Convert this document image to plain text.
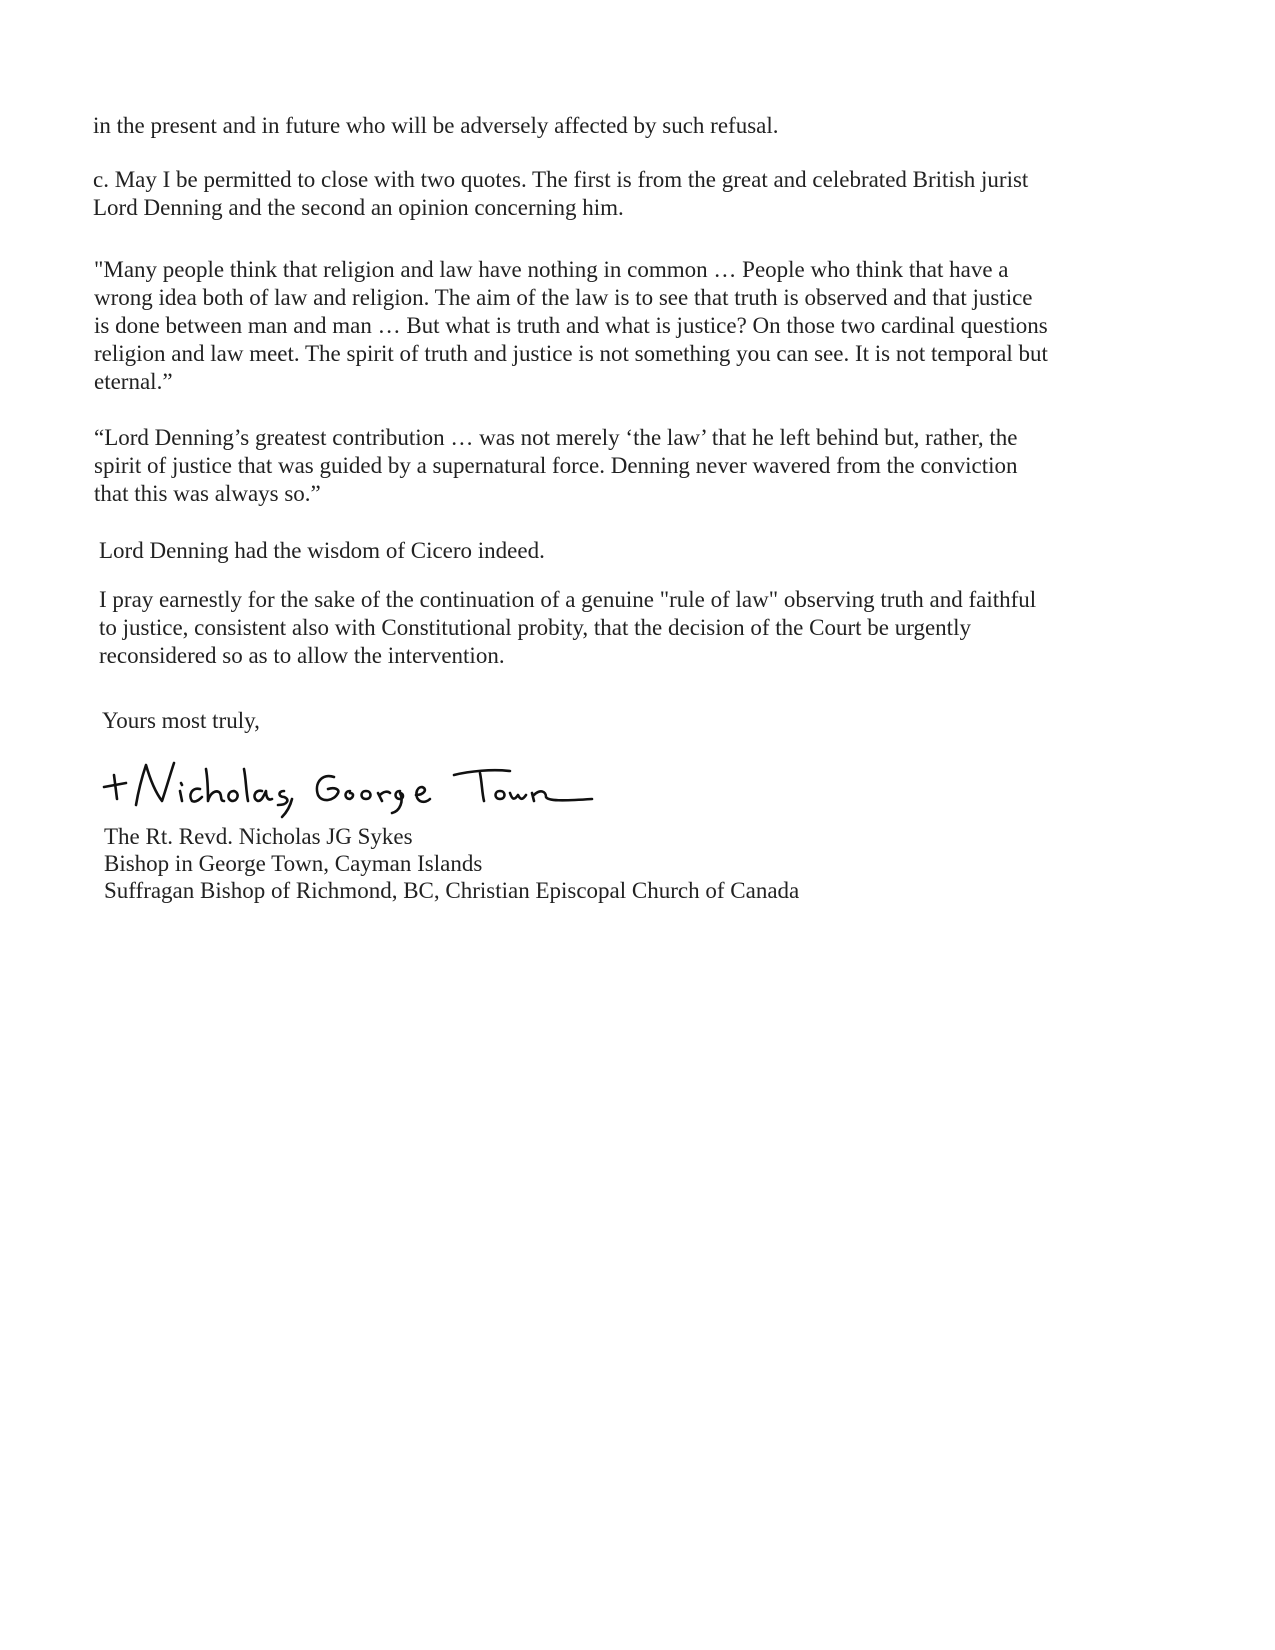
in the present and in future who will be adversely affected by such refusal.

c. May I be permitted to close with two quotes. The first is from the great and celebrated British jurist
Lord Denning and the second an opinion concerning him.

"Many people think that religion and law have nothing in common … People who think that have a
wrong idea both of law and religion. The aim of the law is to see that truth is observed and that justice
is done between man and man … But what is truth and what is justice? On those two cardinal questions
religion and law meet. The spirit of truth and justice is not something you can see. It is not temporal but
eternal.”

“Lord Denning’s greatest contribution … was not merely ‘the law’ that he left behind but, rather, the
spirit of justice that was guided by a supernatural force. Denning never wavered from the conviction
that this was always so.”

Lord Denning had the wisdom of Cicero indeed.

I pray earnestly for the sake of the continuation of a genuine "rule of law" observing truth and faithful
to justice, consistent also with Constitutional probity, that the decision of the Court be urgently
reconsidered so as to allow the intervention.

Yours most truly,

The Rt. Revd. Nicholas JG Sykes
Bishop in George Town, Cayman Islands
Suffragan Bishop of Richmond, BC, Christian Episcopal Church of Canada
